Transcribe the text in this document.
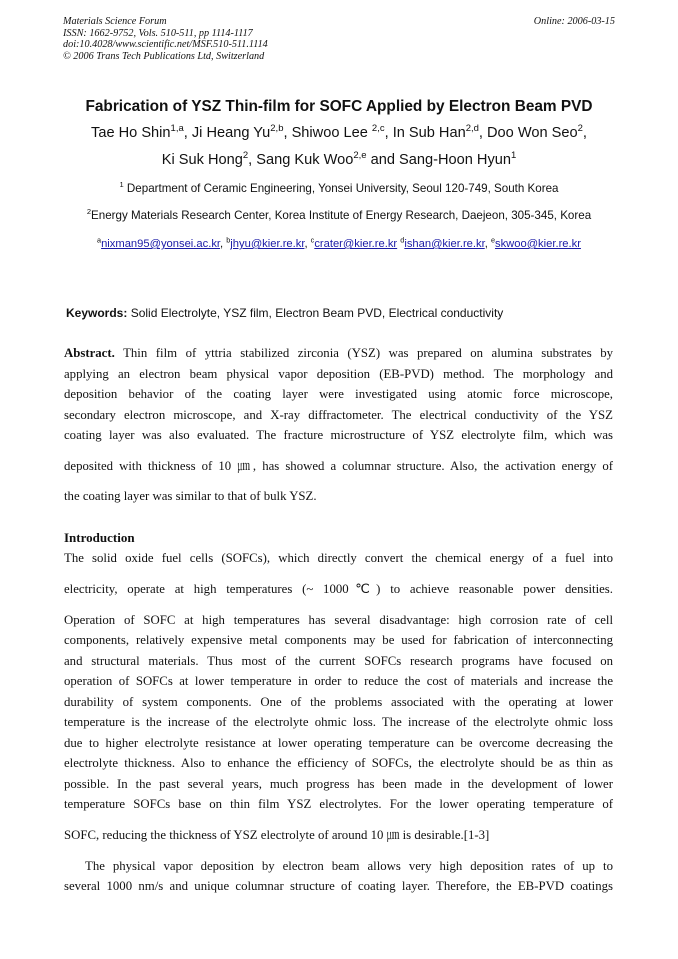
Materials Science Forum
ISSN: 1662-9752, Vols. 510-511, pp 1114-1117
doi:10.4028/www.scientific.net/MSF.510-511.1114
© 2006 Trans Tech Publications Ltd, Switzerland
Online: 2006-03-15
Fabrication of YSZ Thin-film for SOFC Applied by Electron Beam PVD
Tae Ho Shin$^{1,a}$, Ji Heang Yu$^{2,b}$, Shiwoo Lee $^{2,c}$, In Sub Han$^{2,d}$, Doo Won Seo$^2$,
Ki Suk Hong$^2$, Sang Kuk Woo$^{2,e}$ and Sang-Hoon Hyun$^1$
$^1$ Department of Ceramic Engineering, Yonsei University, Seoul 120-749, South Korea
$^2$Energy Materials Research Center, Korea Institute of Energy Research, Daejeon, 305-345, Korea
$^a$nixman95@yonsei.ac.kr, $^b$jhyu@kier.re.kr, $^c$crater@kier.re.kr $^d$ishan@kier.re.kr, $^e$skwoo@kier.re.kr
Keywords: Solid Electrolyte, YSZ film, Electron Beam PVD, Electrical conductivity
Abstract. Thin film of yttria stabilized zirconia (YSZ) was prepared on alumina substrates by
applying an electron beam physical vapor deposition (EB-PVD) method. The morphology and
deposition behavior of the coating layer were investigated using atomic force microscope,
secondary electron microscope, and X-ray diffractometer. The electrical conductivity of the YSZ
coating layer was also evaluated. The fracture microstructure of YSZ electrolyte film, which was
deposited with thickness of 10 ㎛, has showed a columnar structure. Also, the activation energy of
the coating layer was similar to that of bulk YSZ.
Introduction
The solid oxide fuel cells (SOFCs), which directly convert the chemical energy of a fuel into
electricity, operate at high temperatures (~ 1000℃) to achieve reasonable power densities.
Operation of SOFC at high temperatures has several disadvantage: high corrosion rate of cell
components, relatively expensive metal components may be used for fabrication of interconnecting
and structural materials. Thus most of the current SOFCs research programs have focused on
operation of SOFCs at lower temperature in order to reduce the cost of materials and increase the
durability of system components. One of the problems associated with the operating at lower
temperature is the increase of the electrolyte ohmic loss. The increase of the electrolyte ohmic loss
due to higher electrolyte resistance at lower operating temperature can be overcome decreasing the
electrolyte thickness. Also to enhance the efficiency of SOFCs, the electrolyte should be as thin as
possible. In the past several years, much progress has been made in the development of lower
temperature SOFCs base on thin film YSZ electrolytes. For the lower operating temperature of
SOFC, reducing the thickness of YSZ electrolyte of around 10 ㎛ is desirable.[1-3]
The physical vapor deposition by electron beam allows very high deposition rates of up to
several 1000 nm/s and unique columnar structure of coating layer. Therefore, the EB-PVD coatings
